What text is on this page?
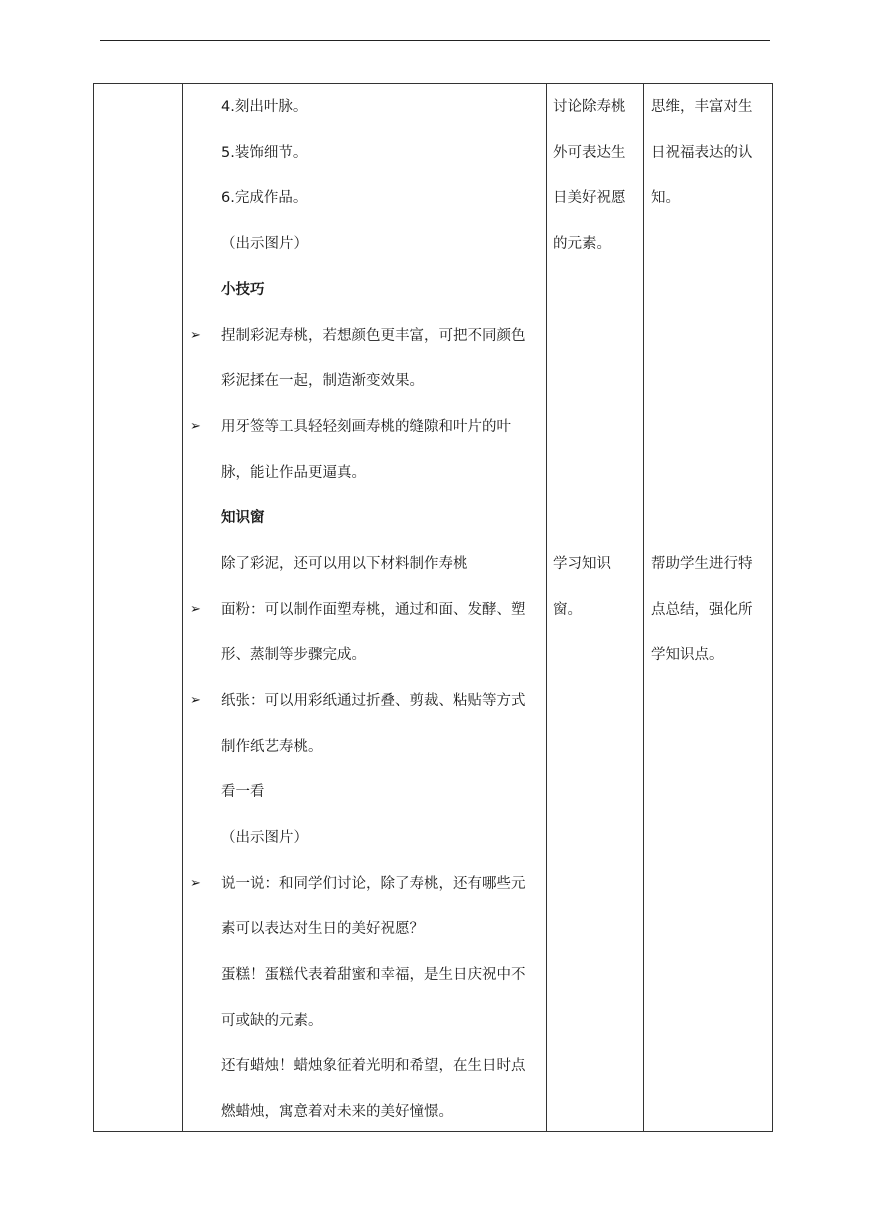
4.刻出叶脉。
5.装饰细节。
6.完成作品。
（出示图片）
小技巧
➢ 捏制彩泥寿桃，若想颜色更丰富，可把不同颜色
彩泥揉在一起，制造渐变效果。
➢ 用牙签等工具轻轻刻画寿桃的缝隙和叶片的叶
脉，能让作品更逼真。
知识窗
除了彩泥，还可以用以下材料制作寿桃
➢ 面粉：可以制作面塑寿桃，通过和面、发酵、塑
形、蒸制等步骤完成。
➢ 纸张：可以用彩纸通过折叠、剪裁、粘贴等方式
制作纸艺寿桃。
看一看
（出示图片）
➢ 说一说：和同学们讨论，除了寿桃，还有哪些元
素可以表达对生日的美好祝愿？
蛋糕！蛋糕代表着甜蜜和幸福，是生日庆祝中不
可或缺的元素。
还有蜡烛！蜡烛象征着光明和希望，在生日时点
燃蜡烛，寓意着对未来的美好憧憬。
讨论除寿桃
外可表达生
日美好祝愿
的元素。
学习知识
窗。
思维，丰富对生
日祝福表达的认
知。
帮助学生进行特
点总结，强化所
学知识点。
